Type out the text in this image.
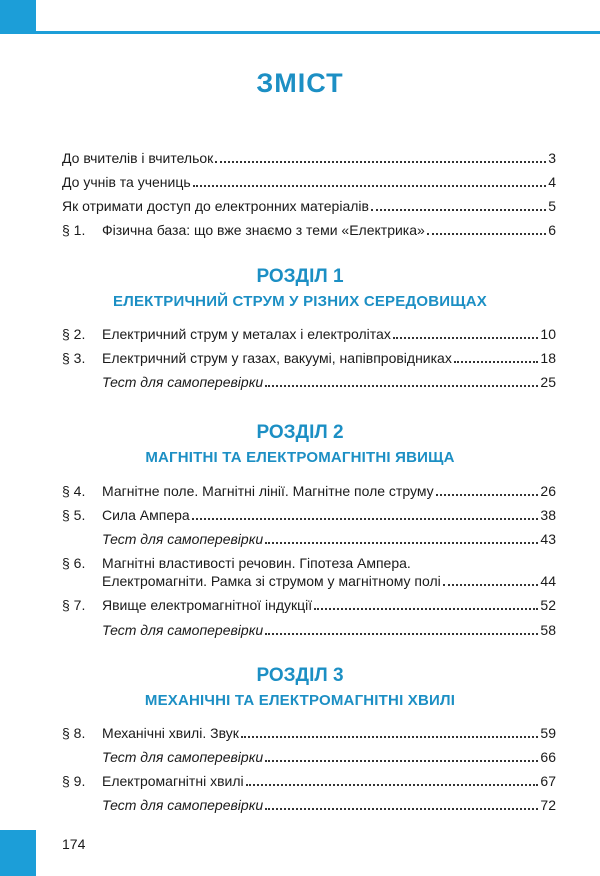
ЗМІСТ
До вчителів і вчительок	3
До учнів та учениць	4
Як отримати доступ до електронних матеріалів	5
§ 1.	Фізична база: що вже знаємо з теми «Електрика»	6
РОЗДІЛ 1
ЕЛЕКТРИЧНИЙ СТРУМ У РІЗНИХ СЕРЕДОВИЩАХ
§ 2.	Електричний струм у металах і електролітах	10
§ 3.	Електричний струм у газах, вакуумі, напівпровідниках	18
Тест для самоперевірки	25
РОЗДІЛ 2
МАГНІТНІ ТА ЕЛЕКТРОМАГНІТНІ ЯВИЩА
§ 4.	Магнітне поле. Магнітні лінії. Магнітне поле струму	26
§ 5.	Сила Ампера	38
Тест для самоперевірки	43
§ 6.	Магнітні властивості речовин. Гіпотеза Ампера.
Електромагніти. Рамка зі струмом у магнітному полі	44
§ 7.	Явище електромагнітної індукції	52
Тест для самоперевірки	58
РОЗДІЛ 3
МЕХАНІЧНІ ТА ЕЛЕКТРОМАГНІТНІ ХВИЛІ
§ 8.	Механічні хвилі. Звук	59
Тест для самоперевірки	66
§ 9.	Електромагнітні хвилі	67
Тест для самоперевірки	72
174
